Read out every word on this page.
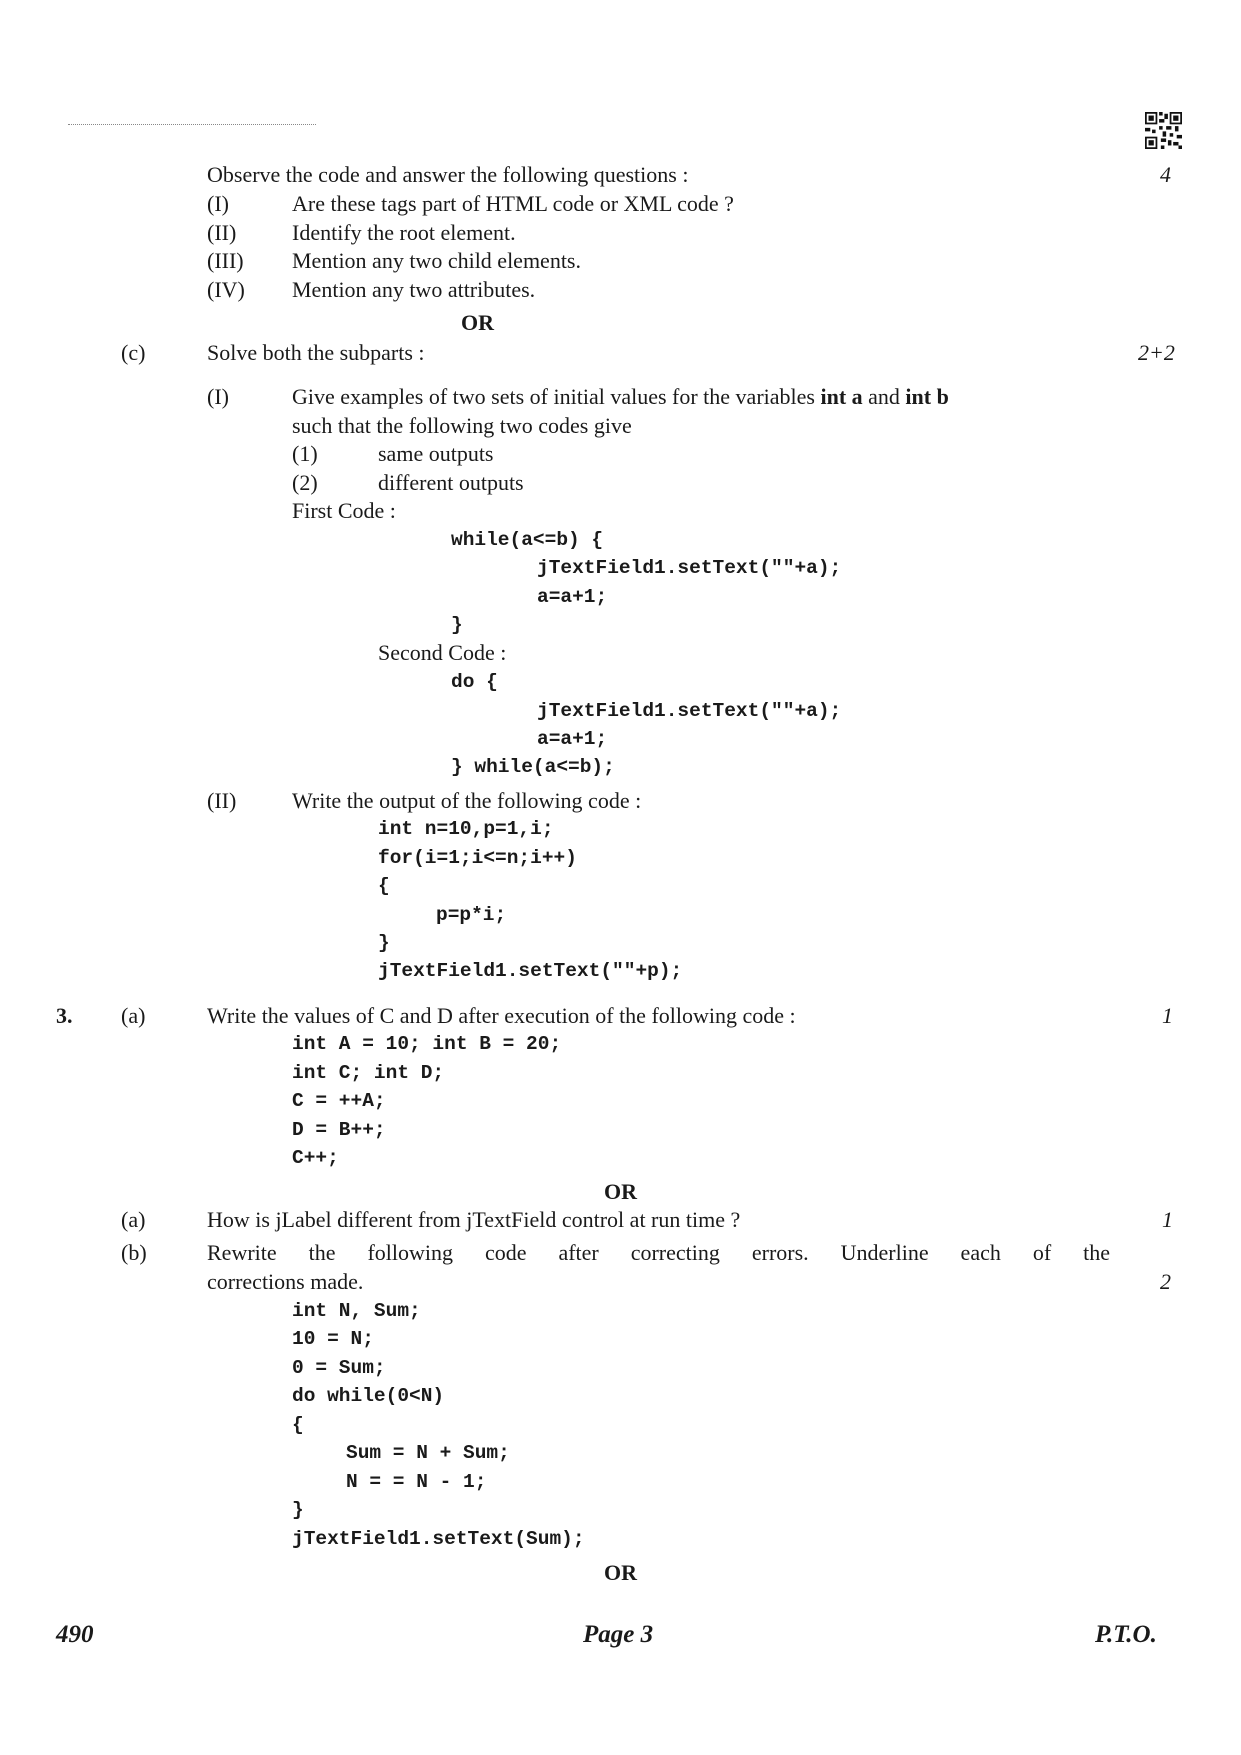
Observe the code and answer the following questions :	4
(I)	Are these tags part of HTML code or XML code ?
(II)	Identify the root element.
(III) Mention any two child elements.
(IV) Mention any two attributes.
OR
(c)	Solve both the subparts :	2+2
(I)	Give examples of two sets of initial values for the variables int a and int b
such that the following two codes give
(1)	same outputs
(2)	different outputs
First Code :
while(a<=b) {
jTextField1.setText(""+a);
a=a+1;
}
Second Code :
do {
jTextField1.setText(""+a);
a=a+1;
} while(a<=b);
(II)	Write the output of the following code :
int n=10,p=1,i;
for(i=1;i<=n;i++)
{
p=p*i;
}
jTextField1.setText(""+p);
3. (a)	Write the values of C and D after execution of the following code :	1
int A = 10; int B = 20;
int C; int D;
C = ++A;
D = B++;
C++;
OR
(a)	How is jLabel different from jTextField control at run time ?	1
(b)	Rewrite the following code after correcting errors. Underline each of the
corrections made.	2
int N, Sum;
10 = N;
0 = Sum;
do while(0<N)
{
Sum = N + Sum;
N = = N - 1;
}
jTextField1.setText(Sum);
OR
490	Page 3	P.T.O.
